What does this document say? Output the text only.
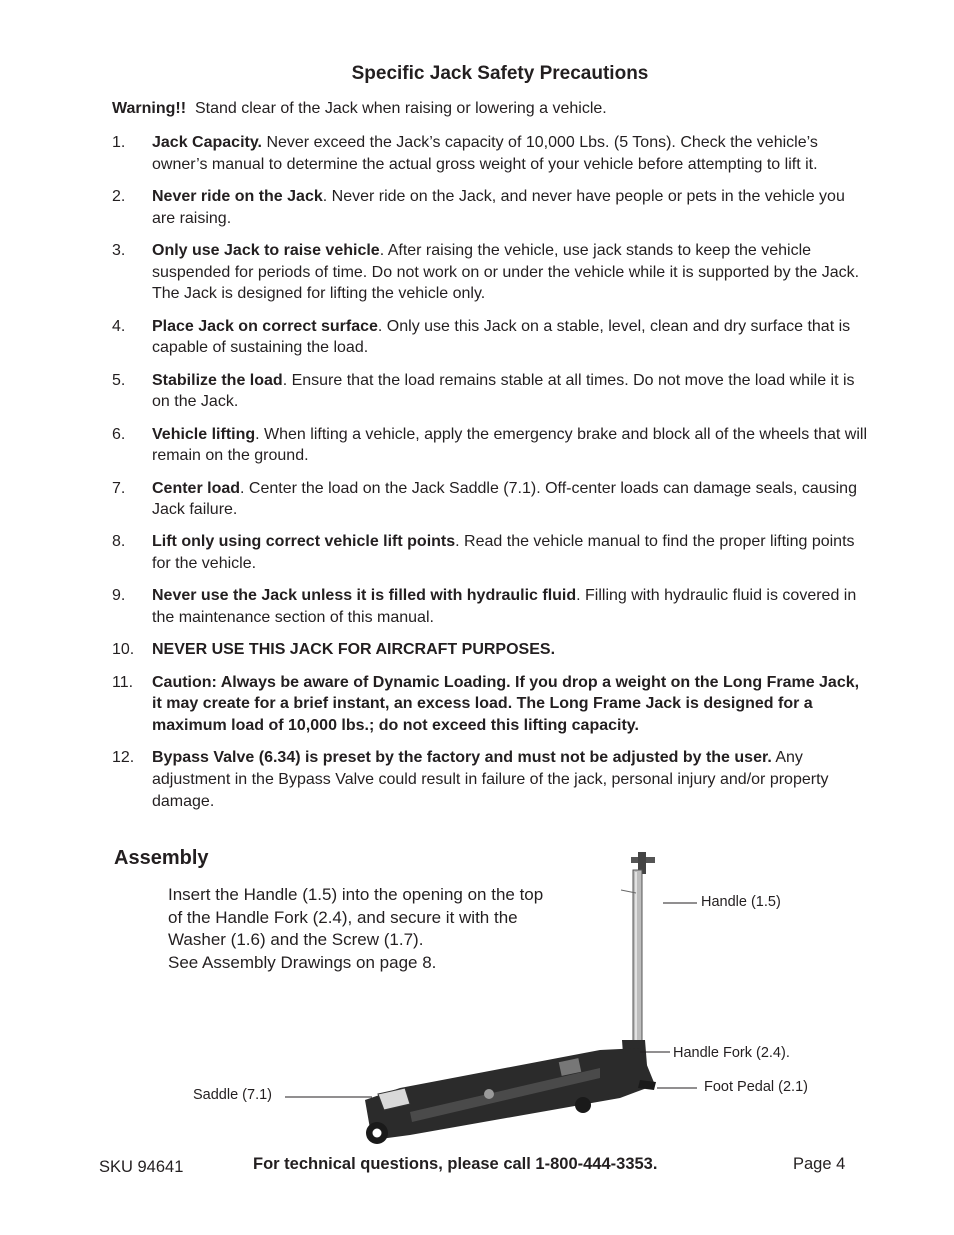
Specific Jack Safety Precautions
Warning!! Stand clear of the Jack when raising or lowering a vehicle.
1.	Jack Capacity. Never exceed the Jack’s capacity of 10,000 Lbs. (5 Tons). Check the vehicle’s owner’s manual to determine the actual gross weight of your vehicle before attempting to lift it.
2.	Never ride on the Jack. Never ride on the Jack, and never have people or pets in the vehicle you are raising.
3.	Only use Jack to raise vehicle. After raising the vehicle, use jack stands to keep the vehicle suspended for periods of time. Do not work on or under the vehicle while it is supported by the Jack. The Jack is designed for lifting the vehicle only.
4.	Place Jack on correct surface. Only use this Jack on a stable, level, clean and dry surface that is capable of sustaining the load.
5.	Stabilize the load. Ensure that the load remains stable at all times. Do not move the load while it is on the Jack.
6.	Vehicle lifting. When lifting a vehicle, apply the emergency brake and block all of the wheels that will remain on the ground.
7.	Center load. Center the load on the Jack Saddle (7.1). Off-center loads can damage seals, causing Jack failure.
8.	Lift only using correct vehicle lift points. Read the vehicle manual to find the proper lifting points for the vehicle.
9.	Never use the Jack unless it is filled with hydraulic fluid. Filling with hydraulic fluid is covered in the maintenance section of this manual.
10.	NEVER USE THIS JACK FOR AIRCRAFT PURPOSES.
11.	Caution: Always be aware of Dynamic Loading. If you drop a weight on the Long Frame Jack, it may create for a brief instant, an excess load. The Long Frame Jack is designed for a maximum load of 10,000 lbs.; do not exceed this lifting capacity.
12.	Bypass Valve (6.34) is preset by the factory and must not be adjusted by the user. Any adjustment in the Bypass Valve could result in failure of the jack, personal injury and/or property damage.
Assembly
Insert the Handle (1.5) into the opening on the top
of the Handle Fork (2.4), and secure it with the
Washer (1.6) and the Screw (1.7).
See Assembly Drawings on page 8.
Handle (1.5)
Handle Fork (2.4).
Foot Pedal (2.1)
Saddle (7.1)
SKU 94641	For technical questions, please call 1-800-444-3353.	Page 4
